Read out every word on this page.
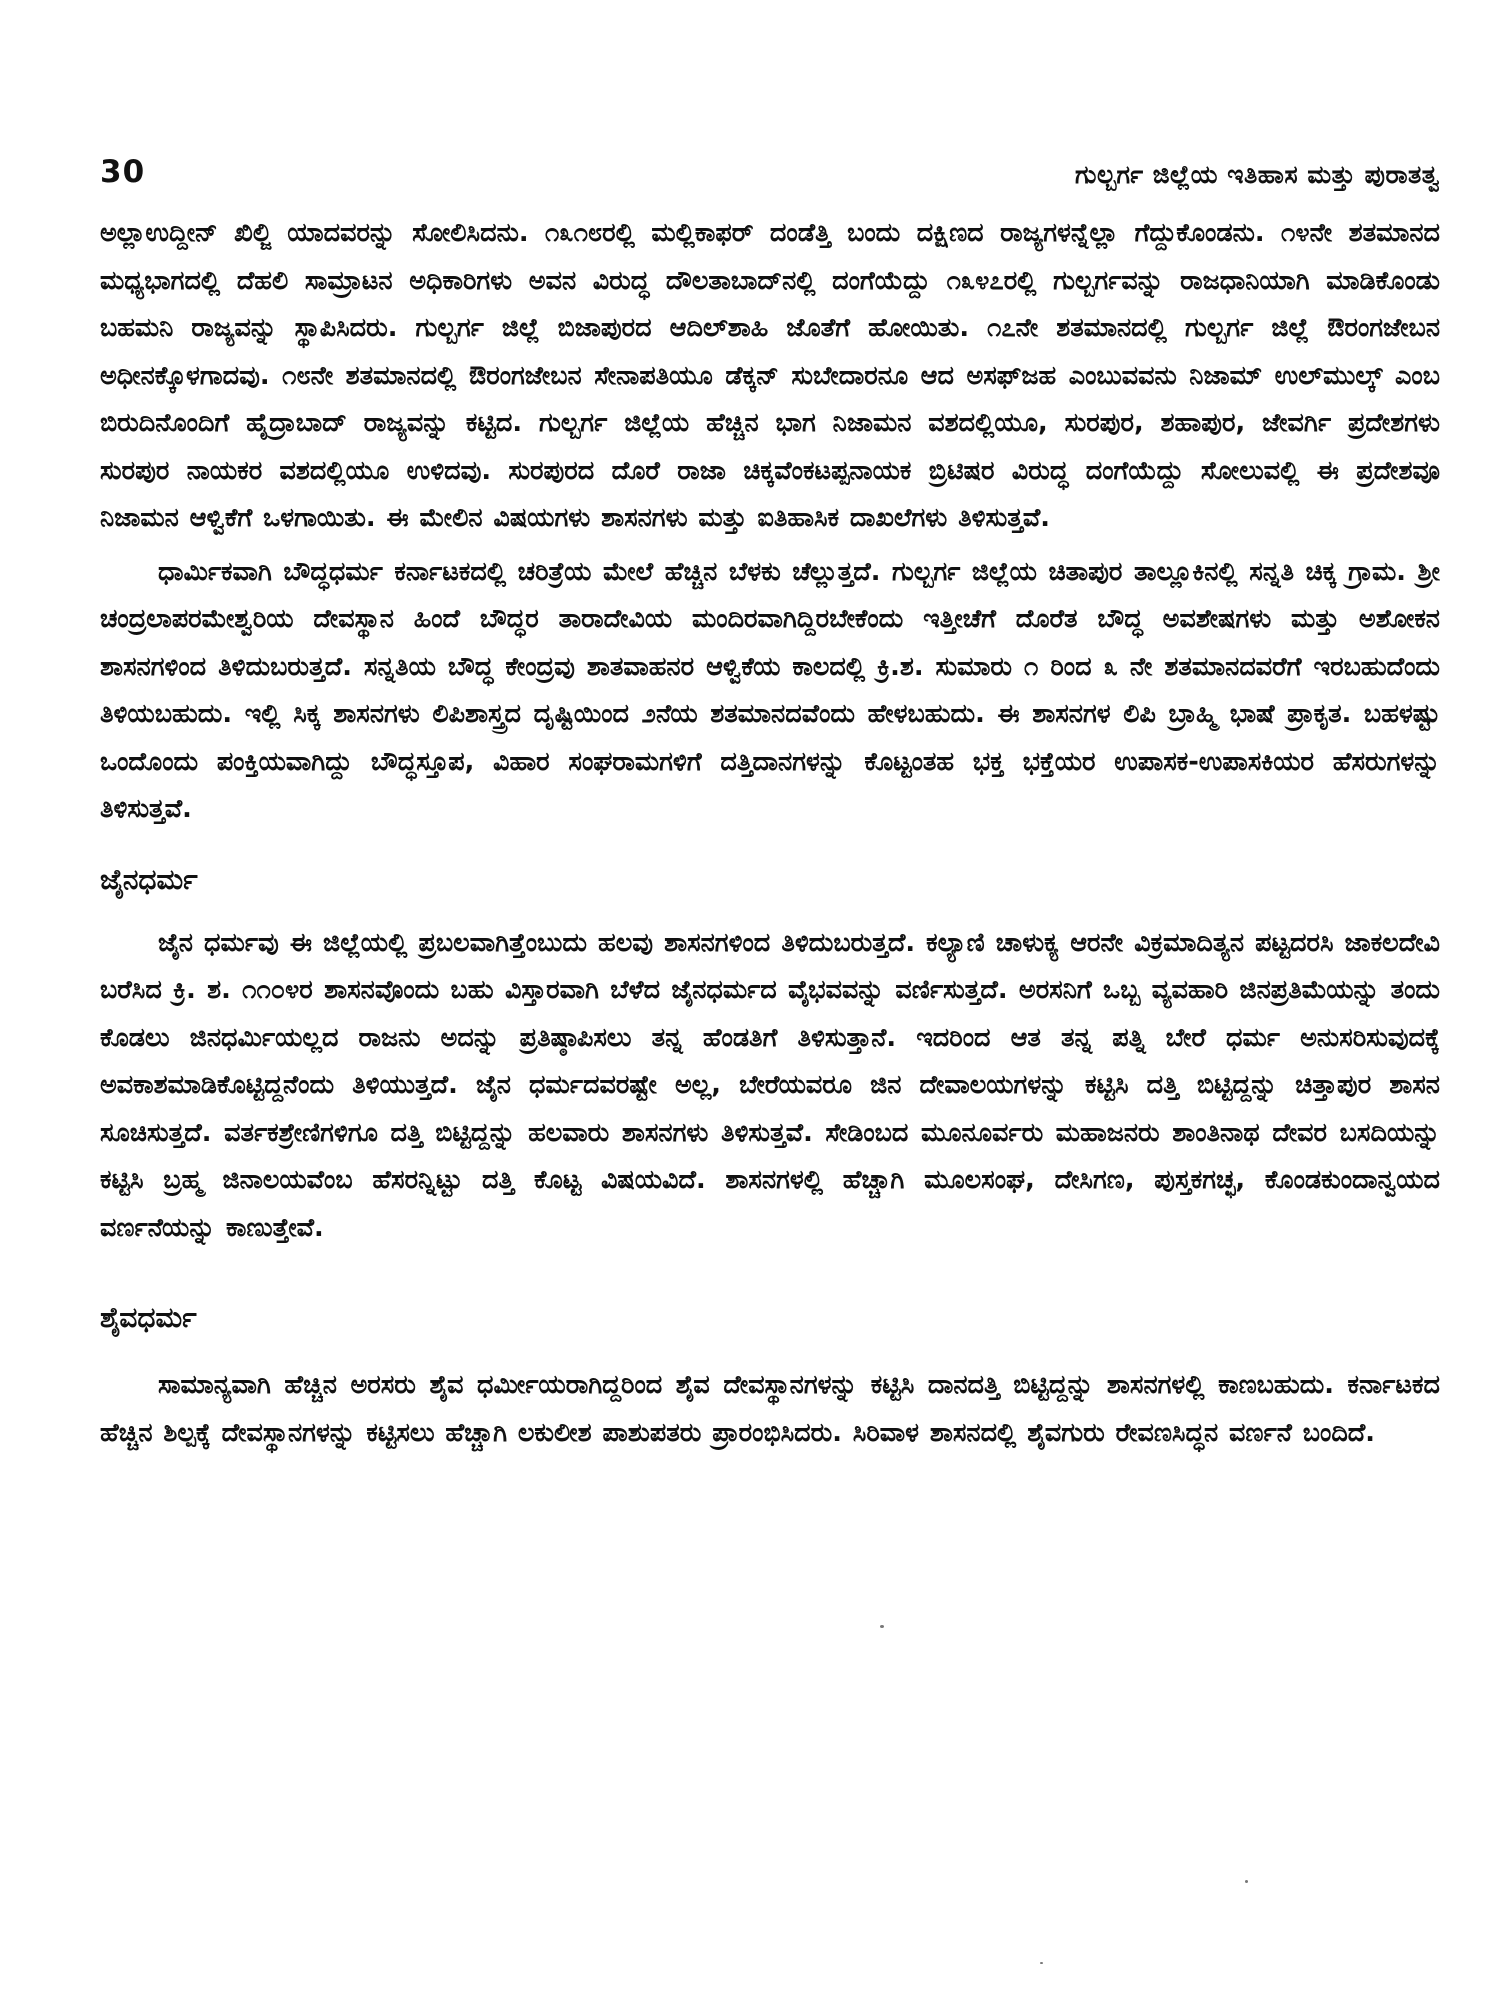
30	ಗುಲ್ಬರ್ಗ ಜಿಲ್ಲೆಯ ಇತಿಹಾಸ ಮತ್ತು ಪುರಾತತ್ವ

ಅಲ್ಲಾಉದ್ದೀನ್ ಖಿಲ್ಜಿ ಯಾದವರನ್ನು ಸೋಲಿಸಿದನು. ೧೩೧೮ರಲ್ಲಿ ಮಲ್ಲಿಕಾಫರ್ ದಂಡೆತ್ತಿ ಬಂದು ದಕ್ಷಿಣದ ರಾಜ್ಯಗಳನ್ನೆಲ್ಲಾ ಗೆದ್ದುಕೊಂಡನು. ೧೪ನೇ ಶತಮಾನದ ಮಧ್ಯಭಾಗದಲ್ಲಿ ದೆಹಲಿ ಸಾಮ್ರಾಟನ ಅಧಿಕಾರಿಗಳು ಅವನ ವಿರುದ್ಧ ದೌಲತಾಬಾದ್‌ನಲ್ಲಿ ದಂಗೆಯೆದ್ದು ೧೩೪೭ರಲ್ಲಿ ಗುಲ್ಬರ್ಗವನ್ನು ರಾಜಧಾನಿಯಾಗಿ ಮಾಡಿಕೊಂಡು ಬಹಮನಿ ರಾಜ್ಯವನ್ನು ಸ್ಥಾಪಿಸಿದರು. ಗುಲ್ಬರ್ಗ ಜಿಲ್ಲೆ ಬಿಜಾಪುರದ ಆದಿಲ್‌ಶಾಹಿ ಜೊತೆಗೆ ಹೋಯಿತು. ೧೭ನೇ ಶತಮಾನದಲ್ಲಿ ಗುಲ್ಬರ್ಗ ಜಿಲ್ಲೆ ಔರಂಗಜೇಬನ ಅಧೀನಕ್ಕೊಳಗಾದವು. ೧೮ನೇ ಶತಮಾನದಲ್ಲಿ ಔರಂಗಜೇಬನ ಸೇನಾಪತಿಯೂ ಡೆಕ್ಕನ್ ಸುಬೇದಾರನೂ ಆದ ಅಸಫ್‌ಜಹ ಎಂಬುವವನು ನಿಜಾಮ್ ಉಲ್‌ಮುಲ್ಕ್ ಎಂಬ ಬಿರುದಿನೊಂದಿಗೆ ಹೈದ್ರಾಬಾದ್ ರಾಜ್ಯವನ್ನು ಕಟ್ಟಿದ. ಗುಲ್ಬರ್ಗ ಜಿಲ್ಲೆಯ ಹೆಚ್ಚಿನ ಭಾಗ ನಿಜಾಮನ ವಶದಲ್ಲಿಯೂ, ಸುರಪುರ, ಶಹಾಪುರ, ಜೇವರ್ಗಿ ಪ್ರದೇಶಗಳು ಸುರಪುರ ನಾಯಕರ ವಶದಲ್ಲಿಯೂ ಉಳಿದವು. ಸುರಪುರದ ದೊರೆ ರಾಜಾ ಚಿಕ್ಕವೆಂಕಟಪ್ಪನಾಯಕ ಬ್ರಿಟಿಷರ ವಿರುದ್ಧ ದಂಗೆಯೆದ್ದು ಸೋಲುವಲ್ಲಿ ಈ ಪ್ರದೇಶವೂ ನಿಜಾಮನ ಆಳ್ವಿಕೆಗೆ ಒಳಗಾಯಿತು. ಈ ಮೇಲಿನ ವಿಷಯಗಳು ಶಾಸನಗಳು ಮತ್ತು ಐತಿಹಾಸಿಕ ದಾಖಲೆಗಳು ತಿಳಿಸುತ್ತವೆ.

ಧಾರ್ಮಿಕವಾಗಿ ಬೌದ್ಧಧರ್ಮ ಕರ್ನಾಟಕದಲ್ಲಿ ಚರಿತ್ರೆಯ ಮೇಲೆ ಹೆಚ್ಚಿನ ಬೆಳಕು ಚೆಲ್ಲುತ್ತದೆ. ಗುಲ್ಬರ್ಗ ಜಿಲ್ಲೆಯ ಚಿತಾಪುರ ತಾಲ್ಲೂಕಿನಲ್ಲಿ ಸನ್ನತಿ ಚಿಕ್ಕ ಗ್ರಾಮ. ಶ್ರೀ ಚಂದ್ರಲಾಪರಮೇಶ್ವರಿಯ ದೇವಸ್ಥಾನ ಹಿಂದೆ ಬೌದ್ಧರ ತಾರಾದೇವಿಯ ಮಂದಿರವಾಗಿದ್ದಿರಬೇಕೆಂದು ಇತ್ತೀಚೆಗೆ ದೊರೆತ ಬೌದ್ಧ ಅವಶೇಷಗಳು ಮತ್ತು ಅಶೋಕನ ಶಾಸನಗಳಿಂದ ತಿಳಿದುಬರುತ್ತದೆ. ಸನ್ನತಿಯ ಬೌದ್ಧ ಕೇಂದ್ರವು ಶಾತವಾಹನರ ಆಳ್ವಿಕೆಯ ಕಾಲದಲ್ಲಿ ಕ್ರಿ.ಶ. ಸುಮಾರು ೧ ರಿಂದ ೩ ನೇ ಶತಮಾನದವರೆಗೆ ಇರಬಹುದೆಂದು ತಿಳಿಯಬಹುದು. ಇಲ್ಲಿ ಸಿಕ್ಕ ಶಾಸನಗಳು ಲಿಪಿಶಾಸ್ತ್ರದ ದೃಷ್ಟಿಯಿಂದ ೨ನೆಯ ಶತಮಾನದವೆಂದು ಹೇಳಬಹುದು. ಈ ಶಾಸನಗಳ ಲಿಪಿ ಬ್ರಾಹ್ಮಿ ಭಾಷೆ ಪ್ರಾಕೃತ. ಬಹಳಷ್ಟು ಒಂದೊಂದು ಪಂಕ್ತಿಯವಾಗಿದ್ದು ಬೌದ್ಧಸ್ತೂಪ, ವಿಹಾರ ಸಂಘರಾಮಗಳಿಗೆ ದತ್ತಿದಾನಗಳನ್ನು ಕೊಟ್ಟಂತಹ ಭಕ್ತ ಭಕ್ತೆಯರ ಉಪಾಸಕ-ಉಪಾಸಕಿಯರ ಹೆಸರುಗಳನ್ನು ತಿಳಿಸುತ್ತವೆ.

ಜೈನಧರ್ಮ

ಜೈನ ಧರ್ಮವು ಈ ಜಿಲ್ಲೆಯಲ್ಲಿ ಪ್ರಬಲವಾಗಿತ್ತೆಂಬುದು ಹಲವು ಶಾಸನಗಳಿಂದ ತಿಳಿದುಬರುತ್ತದೆ. ಕಲ್ಯಾಣಿ ಚಾಳುಕ್ಯ ಆರನೇ ವಿಕ್ರಮಾದಿತ್ಯನ ಪಟ್ಟದರಸಿ ಜಾಕಲದೇವಿ ಬರೆಸಿದ ಕ್ರಿ. ಶ. ೧೧೦೪ರ ಶಾಸನವೊಂದು ಬಹು ವಿಸ್ತಾರವಾಗಿ ಬೆಳೆದ ಜೈನಧರ್ಮದ ವೈಭವವನ್ನು ವರ್ಣಿಸುತ್ತದೆ. ಅರಸನಿಗೆ ಒಬ್ಬ ವ್ಯವಹಾರಿ ಜಿನಪ್ರತಿಮೆಯನ್ನು ತಂದು ಕೊಡಲು ಜಿನಧರ್ಮಿಯಲ್ಲದ ರಾಜನು ಅದನ್ನು ಪ್ರತಿಷ್ಠಾಪಿಸಲು ತನ್ನ ಹೆಂಡತಿಗೆ ತಿಳಿಸುತ್ತಾನೆ. ಇದರಿಂದ ಆತ ತನ್ನ ಪತ್ನಿ ಬೇರೆ ಧರ್ಮ ಅನುಸರಿಸುವುದಕ್ಕೆ ಅವಕಾಶಮಾಡಿಕೊಟ್ಟಿದ್ದನೆಂದು ತಿಳಿಯುತ್ತದೆ. ಜೈನ ಧರ್ಮದವರಷ್ಟೇ ಅಲ್ಲ, ಬೇರೆಯವರೂ ಜಿನ ದೇವಾಲಯಗಳನ್ನು ಕಟ್ಟಿಸಿ ದತ್ತಿ ಬಿಟ್ಟಿದ್ದನ್ನು ಚಿತ್ತಾಪುರ ಶಾಸನ ಸೂಚಿಸುತ್ತದೆ. ವರ್ತಕಶ್ರೇಣಿಗಳಿಗೂ ದತ್ತಿ ಬಿಟ್ಟಿದ್ದನ್ನು ಹಲವಾರು ಶಾಸನಗಳು ತಿಳಿಸುತ್ತವೆ. ಸೇಡಿಂಬದ ಮೂನೂರ್ವರು ಮಹಾಜನರು ಶಾಂತಿನಾಥ ದೇವರ ಬಸದಿಯನ್ನು ಕಟ್ಟಿಸಿ ಬ್ರಹ್ಮ ಜಿನಾಲಯವೆಂಬ ಹೆಸರನ್ನಿಟ್ಟು ದತ್ತಿ ಕೊಟ್ಟ ವಿಷಯವಿದೆ. ಶಾಸನಗಳಲ್ಲಿ ಹೆಚ್ಚಾಗಿ ಮೂಲಸಂಘ, ದೇಸಿಗಣ, ಪುಸ್ತಕಗಚ್ಛ, ಕೊಂಡಕುಂದಾನ್ವಯದ ವರ್ಣನೆಯನ್ನು ಕಾಣುತ್ತೇವೆ.

ಶೈವಧರ್ಮ

ಸಾಮಾನ್ಯವಾಗಿ ಹೆಚ್ಚಿನ ಅರಸರು ಶೈವ ಧರ್ಮೀಯರಾಗಿದ್ದರಿಂದ ಶೈವ ದೇವಸ್ಥಾನಗಳನ್ನು ಕಟ್ಟಿಸಿ ದಾನದತ್ತಿ ಬಿಟ್ಟಿದ್ದನ್ನು ಶಾಸನಗಳಲ್ಲಿ ಕಾಣಬಹುದು. ಕರ್ನಾಟಕದ ಹೆಚ್ಚಿನ ಶಿಲ್ಪಕ್ಕೆ ದೇವಸ್ಥಾನಗಳನ್ನು ಕಟ್ಟಿಸಲು ಹೆಚ್ಚಾಗಿ ಲಕುಲೀಶ ಪಾಶುಪತರು ಪ್ರಾರಂಭಿಸಿದರು. ಸಿರಿವಾಳ ಶಾಸನದಲ್ಲಿ ಶೈವಗುರು ರೇವಣಸಿದ್ಧನ ವರ್ಣನೆ ಬಂದಿದೆ.
